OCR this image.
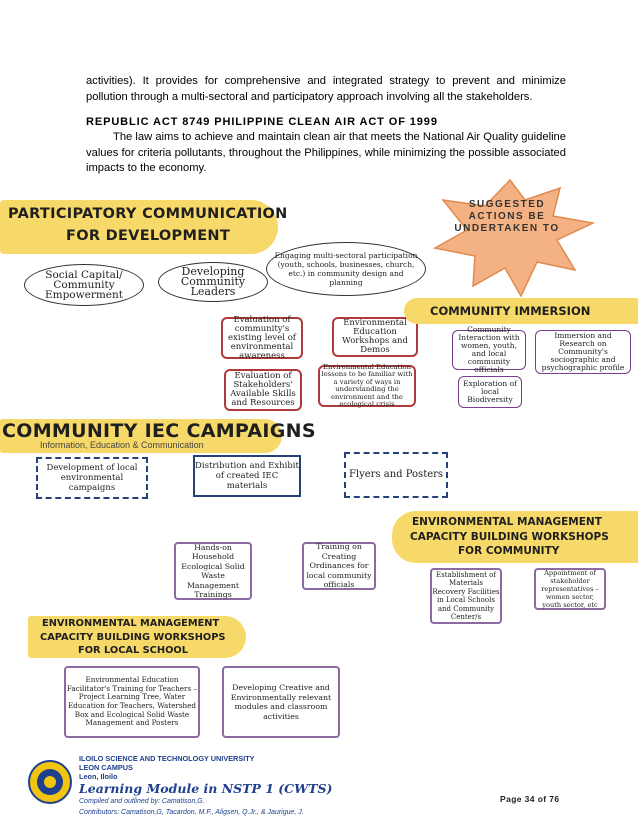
activities). It provides for comprehensive and integrated strategy to prevent and minimize pollution through a multi-sectoral and participatory approach involving all the stakeholders.
REPUBLIC ACT 8749 PHILIPPINE CLEAN AIR ACT OF 1999
The law aims to achieve and maintain clean air that meets the National Air Quality guideline values for criteria pollutants, throughout the Philippines, while minimizing the possible associated impacts to the economy.
SUGGESTED ACTIONS BE UNDERTAKEN TO
PARTICIPATORY COMMUNICATION
FOR DEVELOPMENT
Social Capital/ Community Empowerment
Developing Community Leaders
Engaging multi-sectoral participation (youth, schools, businesses, church, etc.) in community design and planning
Evaluation of community's existing level of environmental awareness
Environmental Education Workshops and Demos
Evaluation of Stakeholders' Available Skills and Resources
Environmental Education lessons to be familiar with a variety of ways in understanding the environment and the ecological crisis
COMMUNITY IMMERSION
Community Interaction with women, youth, and local community officials
Immersion and Research on Community's sociographic and psychographic profile
Exploration of local Biodiversity
COMMUNITY IEC CAMPAIGNS
Information, Education & Communication
Development of local environmental campaigns
Distribution and Exhibit of created IEC materials
Flyers and Posters
ENVIRONMENTAL MANAGEMENT
CAPACITY BUILDING WORKSHOPS
FOR COMMUNITY
Hands-on Household Ecological Solid Waste Management Trainings
Training on Creating Ordinances for local community officials
Establishment of Materials Recovery Facilities in Local Schools and Community Center/s
Appointment of stakeholder representatives – women sector, youth sector, etc
ENVIRONMENTAL MANAGEMENT
CAPACITY BUILDING WORKSHOPS
FOR LOCAL SCHOOL
Environmental Education Facilitator's Training for Teachers – Project Learning Tree, Water Education for Teachers, Watershed Box and Ecological Solid Waste Management and Posters
Developing Creative and Environmentally relevant modules and classroom activities
ILOILO SCIENCE AND TECHNOLOGY UNIVERSITY
LEON CAMPUS
Leon, Iloilo
Learning Module in NSTP 1 (CWTS)
Compiled and outlined by: Camatison,G.
Contributors: Camatison,G, Tacardon, M.F., Aligsen, Q.Jr., & Jaurigue, J.
Page 34 of 76
